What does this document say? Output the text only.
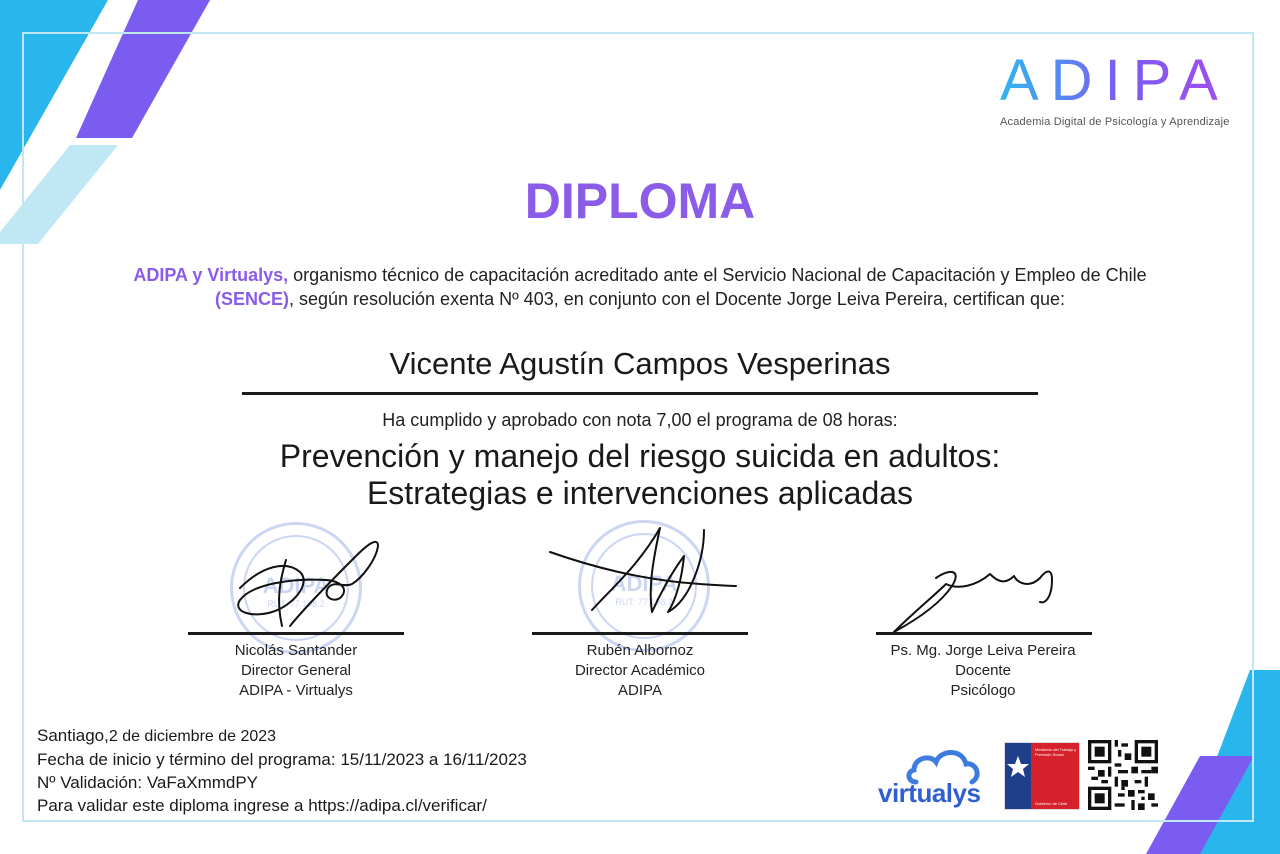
ADIPA
Academia Digital de Psicología y Aprendizaje
DIPLOMA
ADIPA y Virtualys, organismo técnico de capacitación acreditado ante el Servicio Nacional de Capacitación y Empleo de Chile (SENCE), según resolución exenta Nº 403, en conjunto con el Docente Jorge Leiva Pereira, certifican que:
Vicente Agustín Campos Vesperinas
Ha cumplido y aprobado con nota 7,00 el programa de 08 horas:
Prevención y manejo del riesgo suicida en adultos:
Estrategias e intervenciones aplicadas
ADIPA
RUT: 77.198.2
ADIPA
RUT: 77.198.2
Nicolás Santander
Director General
ADIPA - Virtualys
Rubén Albornoz
Director Académico
ADIPA
Ps. Mg. Jorge Leiva Pereira
Docente
Psicólogo
Santiago,2 de diciembre de 2023
Fecha de inicio y término del programa: 15/11/2023 a 16/11/2023
Nº Validación: VaFaXmmdPY
Para validar este diploma ingrese a https://adipa.cl/verificar/	virtualys
Ministerio del Trabajo y Previsión Social
Gobierno de Chile
